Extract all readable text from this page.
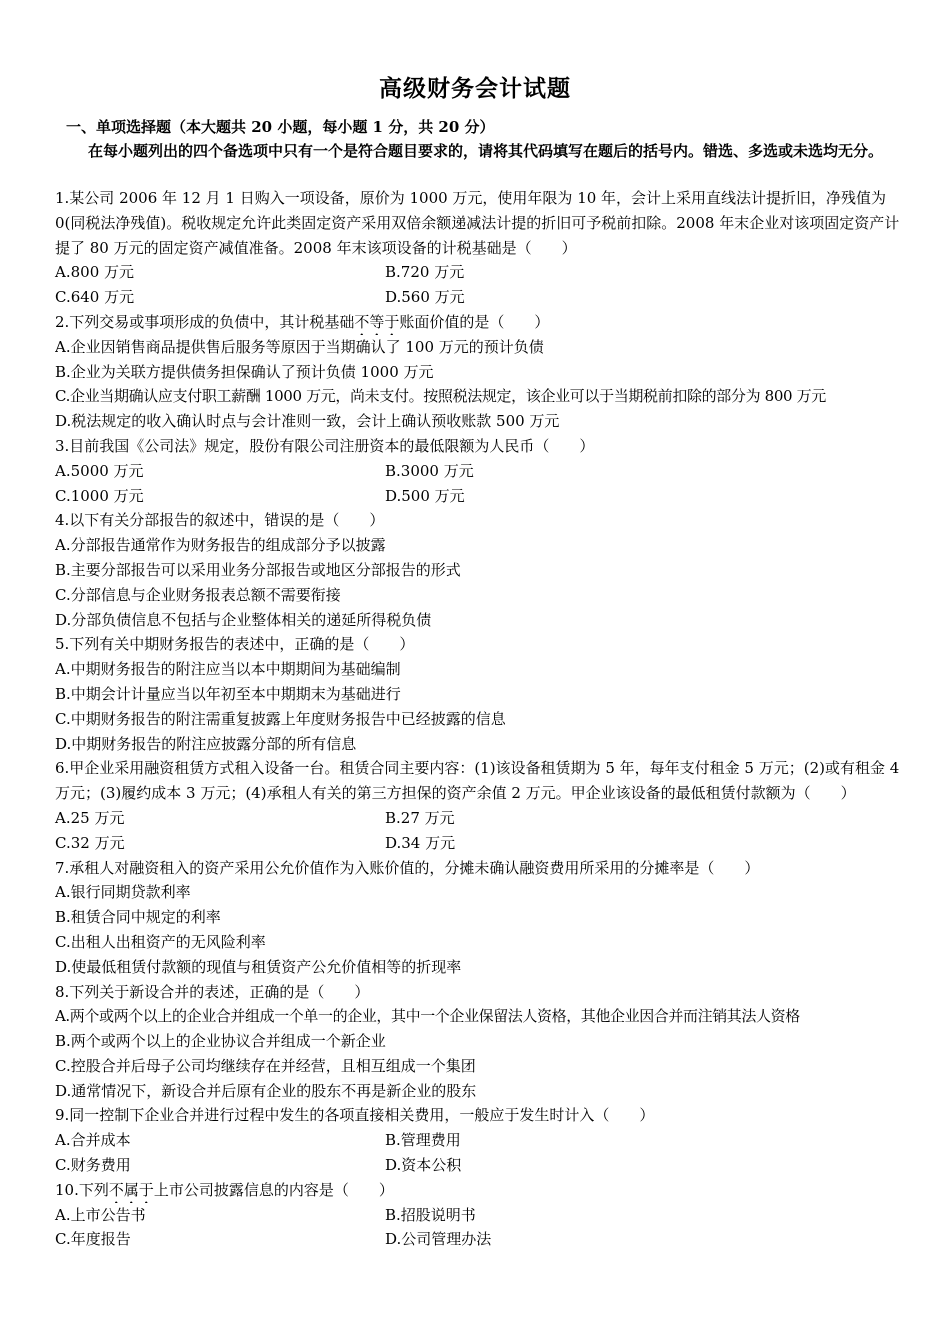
高级财务会计试题
一、单项选择题（本大题共 20 小题，每小题 1 分，共 20 分）
在每小题列出的四个备选项中只有一个是符合题目要求的，请将其代码填写在题后的括号内。错选、多选或未选均无分。
1.某公司 2006 年 12 月 1 日购入一项设备，原价为 1000 万元，使用年限为 10 年，会计上采用直线法计提折旧，净残值为 0(同税法净残值)。税收规定允许此类固定资产采用双倍余额递减法计提的折旧可予税前扣除。2008 年末企业对该项固定资产计提了 80 万元的固定资产减值准备。2008 年末该项设备的计税基础是（　　）
A.800 万元	B.720 万元
C.640 万元	D.560 万元
2.下列交易或事项形成的负债中，其计税基础不等于账面价值的是（　　）
A.企业因销售商品提供售后服务等原因于当期确认了 100 万元的预计负债
B.企业为关联方提供债务担保确认了预计负债 1000 万元
C.企业当期确认应支付职工薪酬 1000 万元，尚未支付。按照税法规定，该企业可以于当期税前扣除的部分为 800 万元
D.税法规定的收入确认时点与会计准则一致，会计上确认预收账款 500 万元
3.目前我国《公司法》规定，股份有限公司注册资本的最低限额为人民币（　　）
A.5000 万元	B.3000 万元
C.1000 万元	D.500 万元
4.以下有关分部报告的叙述中，错误的是（　　）
A.分部报告通常作为财务报告的组成部分予以披露
B.主要分部报告可以采用业务分部报告或地区分部报告的形式
C.分部信息与企业财务报表总额不需要衔接
D.分部负债信息不包括与企业整体相关的递延所得税负债
5.下列有关中期财务报告的表述中，正确的是（　　）
A.中期财务报告的附注应当以本中期期间为基础编制
B.中期会计计量应当以年初至本中期期末为基础进行
C.中期财务报告的附注需重复披露上年度财务报告中已经披露的信息
D.中期财务报告的附注应披露分部的所有信息
6.甲企业采用融资租赁方式租入设备一台。租赁合同主要内容：(1)该设备租赁期为 5 年，每年支付租金 5 万元；(2)或有租金 4 万元；(3)履约成本 3 万元；(4)承租人有关的第三方担保的资产余值 2 万元。甲企业该设备的最低租赁付款额为（　　）
A.25 万元	B.27 万元
C.32 万元	D.34 万元
7.承租人对融资租入的资产采用公允价值作为入账价值的，分摊未确认融资费用所采用的分摊率是（　　）
A.银行同期贷款利率
B.租赁合同中规定的利率
C.出租人出租资产的无风险利率
D.使最低租赁付款额的现值与租赁资产公允价值相等的折现率
8.下列关于新设合并的表述，正确的是（　　）
A.两个或两个以上的企业合并组成一个单一的企业，其中一个企业保留法人资格，其他企业因合并而注销其法人资格
B.两个或两个以上的企业协议合并组成一个新企业
C.控股合并后母子公司均继续存在并经营，且相互组成一个集团
D.通常情况下，新设合并后原有企业的股东不再是新企业的股东
9.同一控制下企业合并进行过程中发生的各项直接相关费用，一般应于发生时计入（　　）
A.合并成本	B.管理费用
C.财务费用	D.资本公积
10.下列不属于上市公司披露信息的内容是（　　）
A.上市公告书	B.招股说明书
C.年度报告	D.公司管理办法
